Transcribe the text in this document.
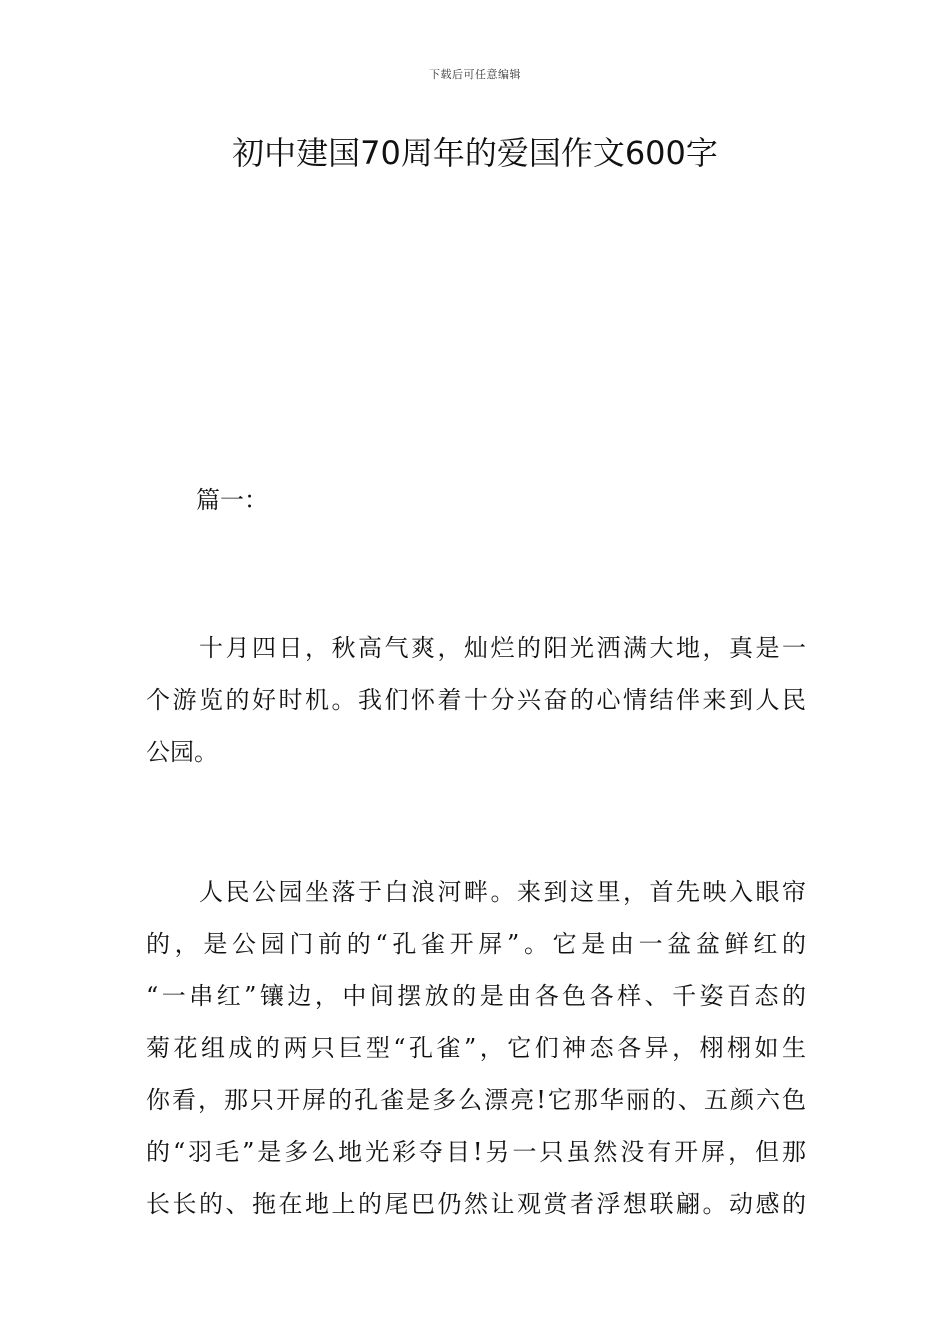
下载后可任意编辑
初中建国70周年的爱国作文600字

篇一：

　　十月四日，秋高气爽，灿烂的阳光洒满大地，真是一
个游览的好时机。我们怀着十分兴奋的心情结伴来到人民
公园。

　　人民公园坐落于白浪河畔。来到这里，首先映入眼帘
的，是公园门前的“孔雀开屏”。它是由一盆盆鲜红的
“一串红”镶边，中间摆放的是由各色各样、千姿百态的
菊花组成的两只巨型“孔雀”，它们神态各异，栩栩如生
你看，那只开屏的孔雀是多么漂亮!它那华丽的、五颜六色
的“羽毛”是多么地光彩夺目!另一只虽然没有开屏，但那
长长的、拖在地上的尾巴仍然让观赏者浮想联翩。动感的
